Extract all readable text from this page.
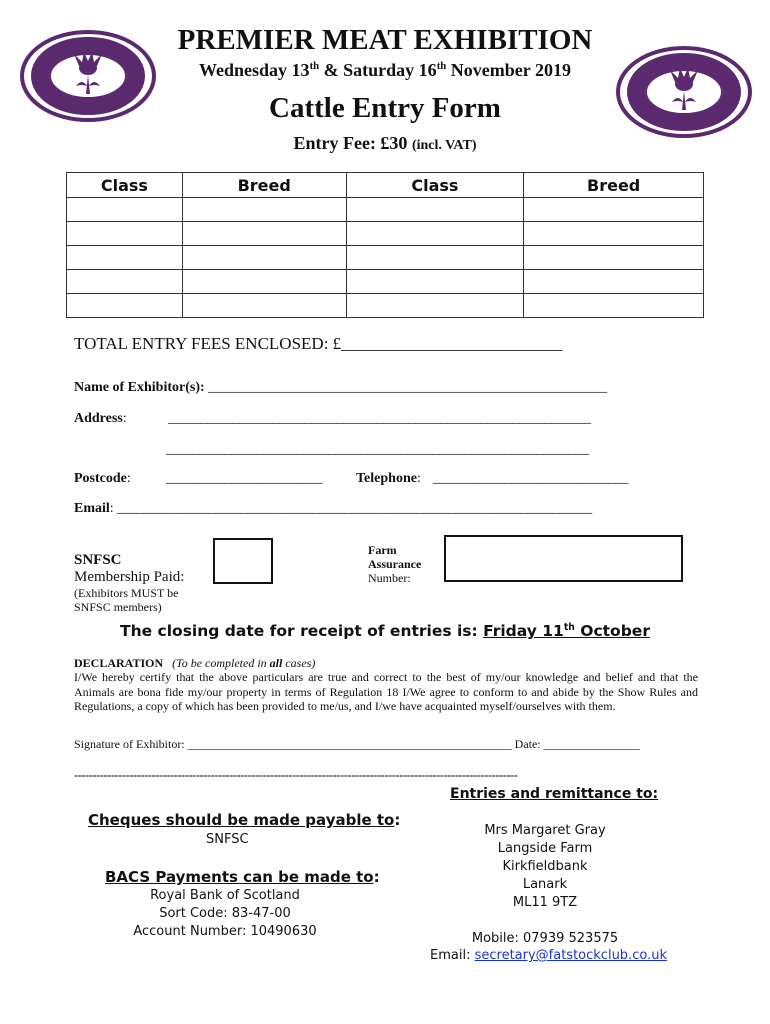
PREMIER MEAT EXHIBITION
Wednesday 13th & Saturday 16th November 2019
Cattle Entry Form
Entry Fee: £30 (incl. VAT)
Class	Breed	Class	Breed

TOTAL ENTRY FEES ENCLOSED: £__________________________
Name of Exhibitor(s): _________________________________________________________
Address:	_________________________________________________________________
_________________________________________________________________
Postcode:	________________________ Telephone: ______________________________
Email: _________________________________________________________________________
SNFSC
Membership Paid:
(Exhibitors MUST be
SNFSC members)
Farm
Assurance
Number:
The closing date for receipt of entries is: Friday 11th October
DECLARATION (To be completed in all cases)
I/We hereby certify that the above particulars are true and correct to the best of my/our knowledge and belief and that the Animals are bona fide my/our property in terms of Regulation 18 I/We agree to conform to and abide by the Show Rules and Regulations, a copy of which has been provided to me/us, and I/we have acquainted myself/ourselves with them.
Signature of Exhibitor: ______________________________________________________ Date: ________________
------------------------------------------------------------------------------------------------------------------------
Entries and remittance to:
Cheques should be made payable to:
SNFSC
BACS Payments can be made to:
Royal Bank of Scotland
Sort Code: 83-47-00
Account Number: 10490630
Mrs Margaret Gray
Langside Farm
Kirkfieldbank
Lanark
ML11 9TZ
Mobile: 07939 523575
Email: secretary@fatstockclub.co.uk
